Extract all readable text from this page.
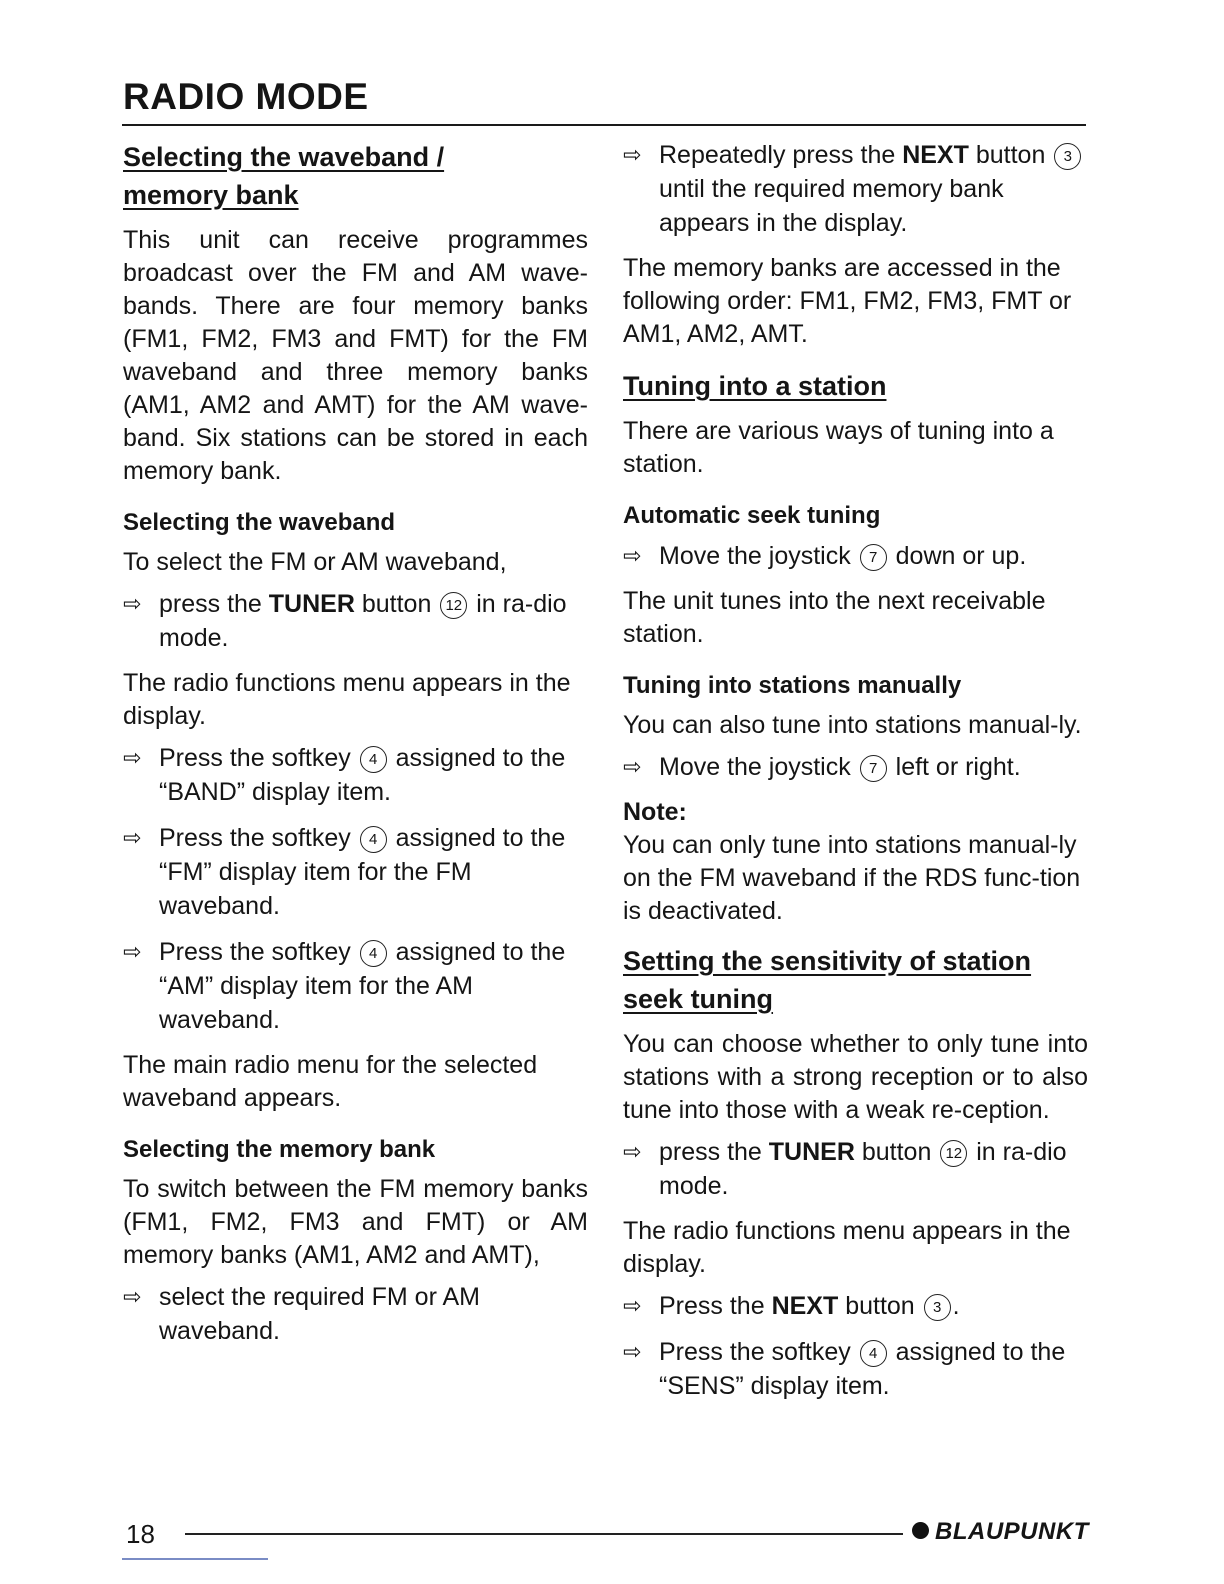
RADIO MODE
Selecting the waveband /
memory bank

This unit can receive programmes broadcast over the FM and AM wave-bands. There are four memory banks (FM1, FM2, FM3 and FMT) for the FM waveband and three memory banks (AM1, AM2 and AMT) for the AM wave-band. Six stations can be stored in each memory bank.

Selecting the waveband

To select the FM or AM waveband,

⇨ press the TUNER button 12 in ra-dio mode.

The radio functions menu appears in the display.

⇨ Press the softkey 4 assigned to the “BAND” display item.
⇨ Press the softkey 4 assigned to the “FM” display item for the FM waveband.
⇨ Press the softkey 4 assigned to the “AM” display item for the AM waveband.

The main radio menu for the selected waveband appears.

Selecting the memory bank

To switch between the FM memory banks (FM1, FM2, FM3 and FMT) or AM memory banks (AM1, AM2 and AMT),

⇨ select the required FM or AM waveband.
⇨ Repeatedly press the NEXT button 3 until the required memory bank appears in the display.

The memory banks are accessed in the following order: FM1, FM2, FM3, FMT or AM1, AM2, AMT.

Tuning into a station

There are various ways of tuning into a station.

Automatic seek tuning
⇨ Move the joystick 7 down or up.

The unit tunes into the next receivable station.

Tuning into stations manually

You can also tune into stations manual-ly.

⇨ Move the joystick 7 left or right.
Note:

You can only tune into stations manual-ly on the FM waveband if the RDS func-tion is deactivated.

Setting the sensitivity of station
seek tuning

You can choose whether to only tune into stations with a strong reception or to also tune into those with a weak re-ception.

⇨ press the TUNER button 12 in ra-dio mode.

The radio functions menu appears in the display.

⇨ Press the NEXT button 3 .
⇨ Press the softkey 4 assigned to the “SENS” display item.
18	BLAUPUNKT
